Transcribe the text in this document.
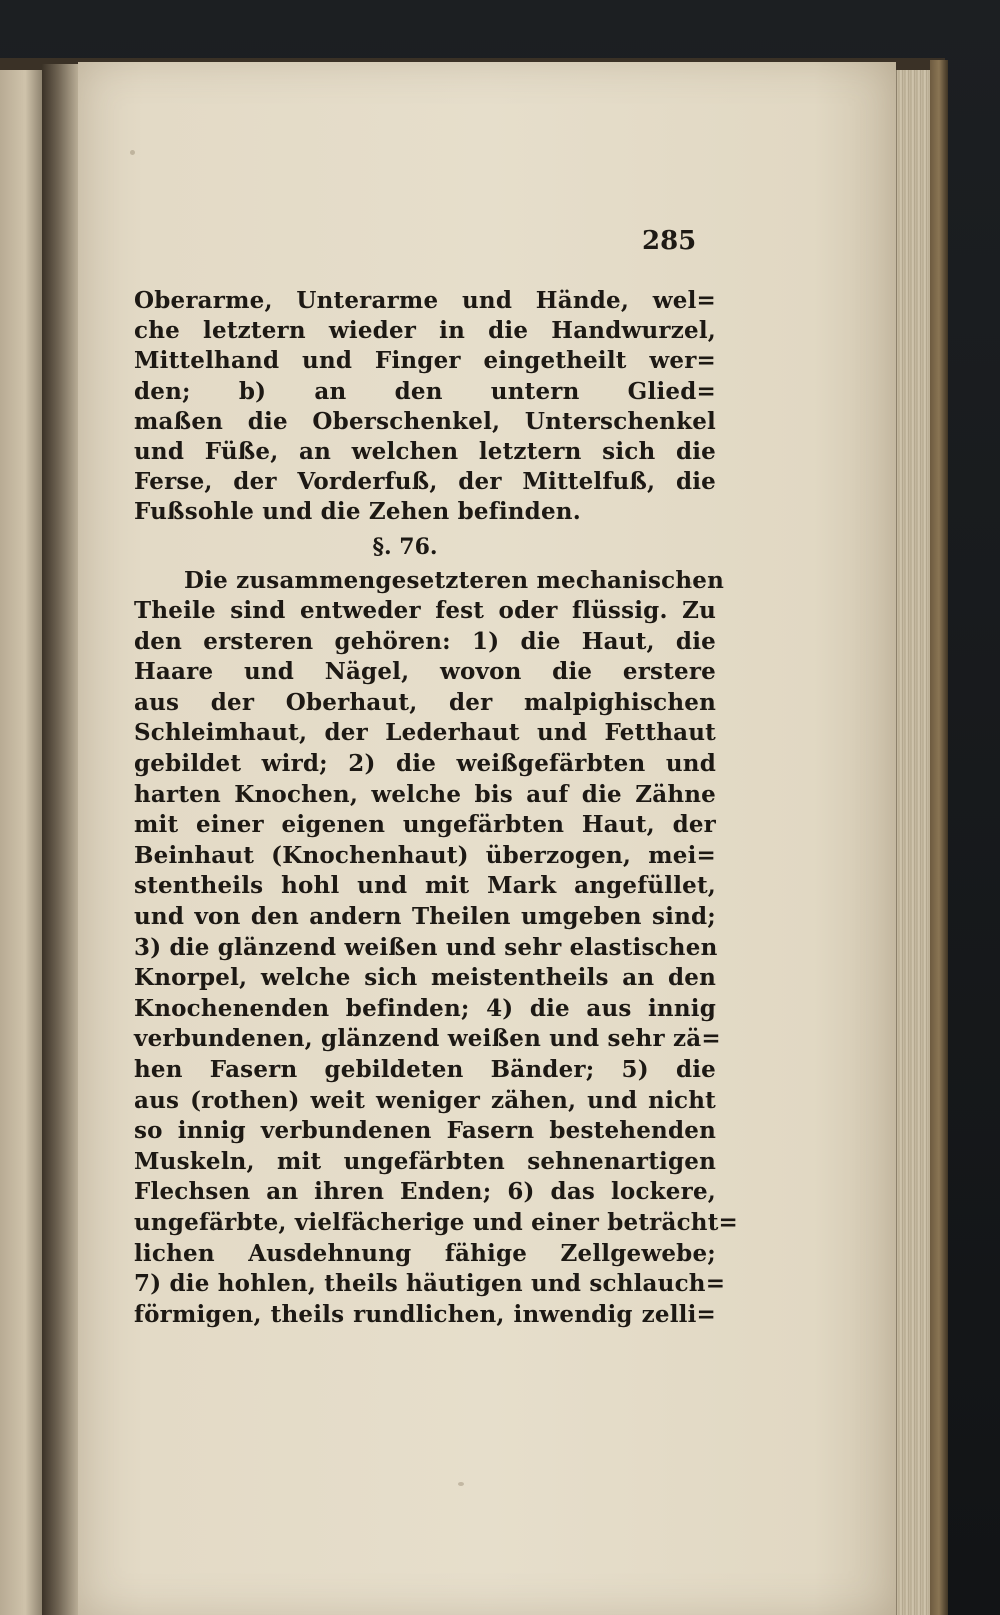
285

Oberarme, Unterarme und Hände, wel=
che letztern wieder in die Handwurzel,
Mittelhand und Finger eingetheilt wer=
den; b) an den untern Glied=
maßen die Oberschenkel, Unterschenkel
und Füße, an welchen letztern sich die
Ferse, der Vorderfuß, der Mittelfuß, die
Fußsohle und die Zehen befinden.
§. 76.
Die zusammengesetzteren mechanischen
Theile sind entweder fest oder flüssig. Zu
den ersteren gehören: 1) die Haut, die
Haare und Nägel, wovon die erstere
aus der Oberhaut, der malpighischen
Schleimhaut, der Lederhaut und Fetthaut
gebildet wird; 2) die weißgefärbten und
harten Knochen, welche bis auf die Zähne
mit einer eigenen ungefärbten Haut, der
Beinhaut (Knochenhaut) überzogen, mei=
stentheils hohl und mit Mark angefüllet,
und von den andern Theilen umgeben sind;
3) die glänzend weißen und sehr elastischen
Knorpel, welche sich meistentheils an den
Knochenenden befinden; 4) die aus innig
verbundenen, glänzend weißen und sehr zä=
hen Fasern gebildeten Bänder; 5) die
aus (rothen) weit weniger zähen, und nicht
so innig verbundenen Fasern bestehenden
Muskeln, mit ungefärbten sehnenartigen
Flechsen an ihren Enden; 6) das lockere,
ungefärbte, vielfächerige und einer beträcht=
lichen Ausdehnung fähige Zellgewebe;
7) die hohlen, theils häutigen und schlauch=
förmigen, theils rundlichen, inwendig zelli=
